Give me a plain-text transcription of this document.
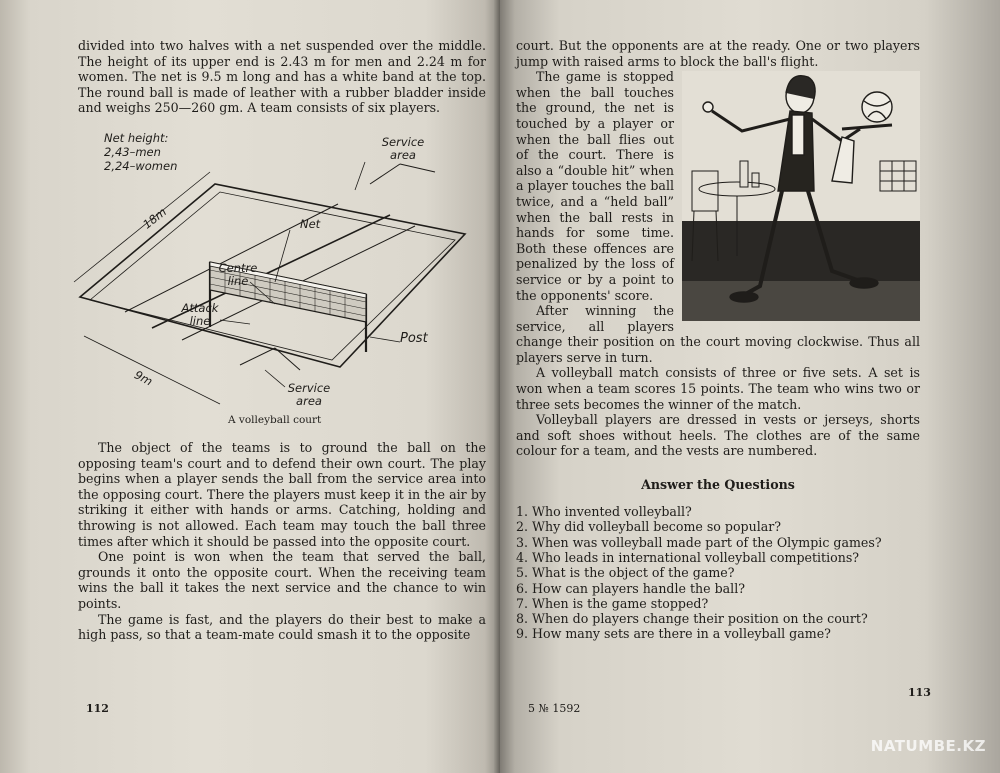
divided into two halves with a net suspended over the middle. The height of its upper end is 2.43 m for men and 2.24 m for women. The net is 9.5 m long and has a white band at the top. The round ball is made of leather with a rubber bladder inside and weighs 250—260 gm. A team consists of six players.

Net height:
2,43–men
2,24–women
Service area
Net
18m
Centre line
Attack line
Post
9m	Service area
A volleyball court

The object of the teams is to ground the ball on the opposing team's court and to defend their own court. The play begins when a player sends the ball from the service area into the opposing court. There the players must keep it in the air by striking it either with hands or arms. Catching, holding and throwing is not allowed. Each team may touch the ball three times after which it should be passed into the opposite court.

One point is won when the team that served the ball, grounds it onto the opposite court. When the receiving team wins the ball it takes the next service and the chance to win points.

The game is fast, and the players do their best to make a high pass, so that a team-mate could smash it to the opposite

112

court. But the opponents are at the ready. One or two players jump with raised arms to block the ball's flight.

The game is stopped when the ball touches the ground, the net is touched by a player or when the ball flies out of the court. There is also a “double hit” when a player touches the ball twice, and a “held ball” when the ball rests in hands for some time. Both these offences are penalized by the loss of service or by a point to the opponents' score.

After winning the service, all players change their position on the court moving clockwise. Thus all players serve in turn.

A volleyball match consists of three or five sets. A set is won when a team scores 15 points. The team who wins two or three sets becomes the winner of the match.

Volleyball players are dressed in vests or jerseys, shorts and soft shoes without heels. The clothes are of the same colour for a team, and the vests are numbered.

Answer the Questions
1. Who invented volleyball?
2. Why did volleyball become so popular?
3. When was volleyball made part of the Olympic games?
4. Who leads in international volleyball competitions?
5. What is the object of the game?
6. How can players handle the ball?
7. When is the game stopped?
8. When do players change their position on the court?
9. How many sets are there in a volleyball game?
5 № 1592
113
NATUMBE.KZ
